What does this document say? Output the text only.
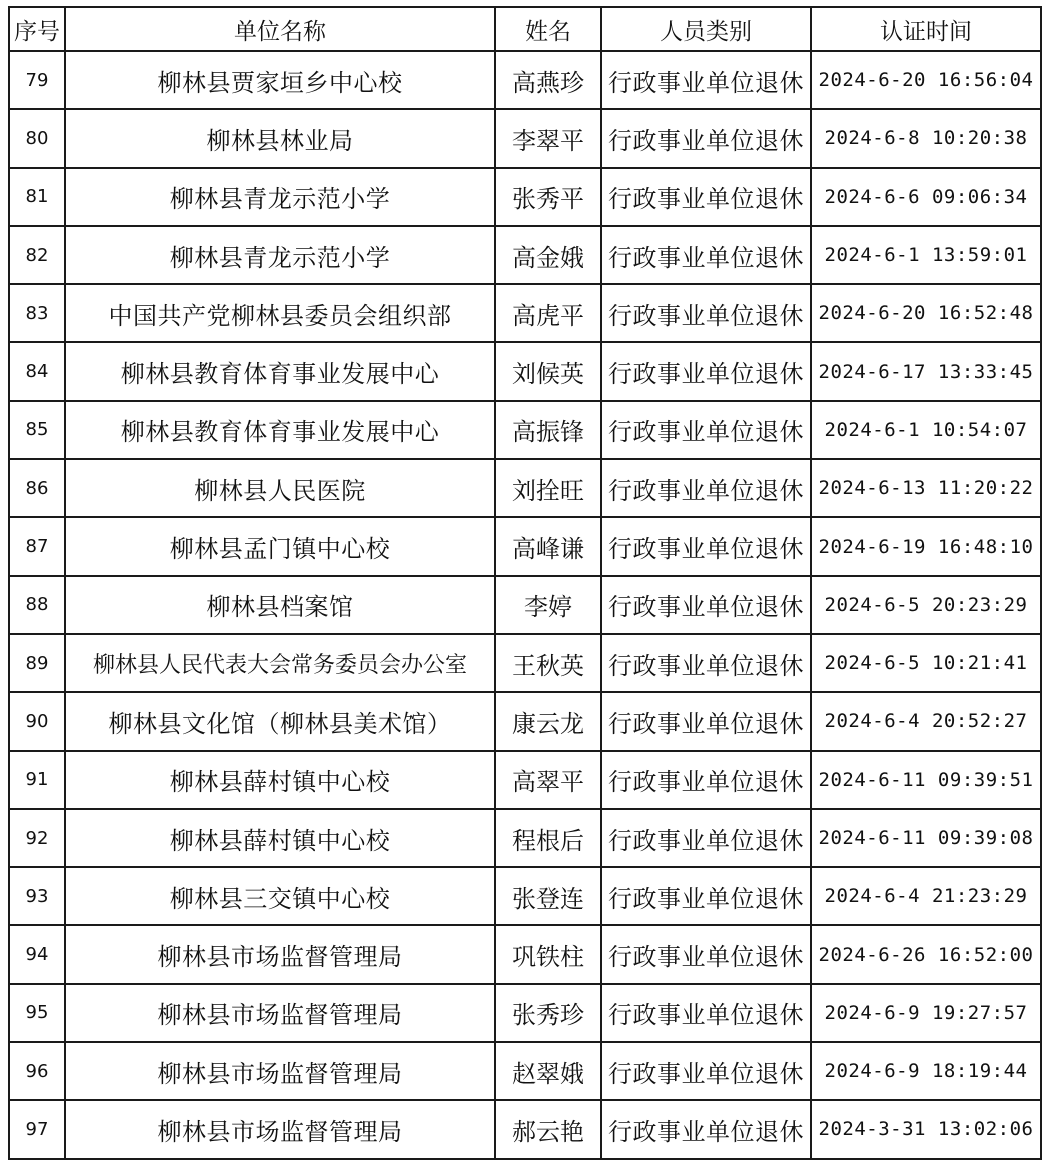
序号	单位名称	姓名	人员类别	认证时间
79	柳林县贾家垣乡中心校	高燕珍	行政事业单位退休	2024-6-20 16:56:04
80	柳林县林业局	李翠平	行政事业单位退休	2024-6-8 10:20:38
81	柳林县青龙示范小学	张秀平	行政事业单位退休	2024-6-6 09:06:34
82	柳林县青龙示范小学	高金娥	行政事业单位退休	2024-6-1 13:59:01
83	中国共产党柳林县委员会组织部	高虎平	行政事业单位退休	2024-6-20 16:52:48
84	柳林县教育体育事业发展中心	刘候英	行政事业单位退休	2024-6-17 13:33:45
85	柳林县教育体育事业发展中心	高振锋	行政事业单位退休	2024-6-1 10:54:07
86	柳林县人民医院	刘拴旺	行政事业单位退休	2024-6-13 11:20:22
87	柳林县孟门镇中心校	高峰谦	行政事业单位退休	2024-6-19 16:48:10
88	柳林县档案馆	李婷	行政事业单位退休	2024-6-5 20:23:29
89	柳林县人民代表大会常务委员会办公室	王秋英	行政事业单位退休	2024-6-5 10:21:41
90	柳林县文化馆（柳林县美术馆）	康云龙	行政事业单位退休	2024-6-4 20:52:27
91	柳林县薛村镇中心校	高翠平	行政事业单位退休	2024-6-11 09:39:51
92	柳林县薛村镇中心校	程根后	行政事业单位退休	2024-6-11 09:39:08
93	柳林县三交镇中心校	张登连	行政事业单位退休	2024-6-4 21:23:29
94	柳林县市场监督管理局	巩铁柱	行政事业单位退休	2024-6-26 16:52:00
95	柳林县市场监督管理局	张秀珍	行政事业单位退休	2024-6-9 19:27:57
96	柳林县市场监督管理局	赵翠娥	行政事业单位退休	2024-6-9 18:19:44
97	柳林县市场监督管理局	郝云艳	行政事业单位退休	2024-3-31 13:02:06
